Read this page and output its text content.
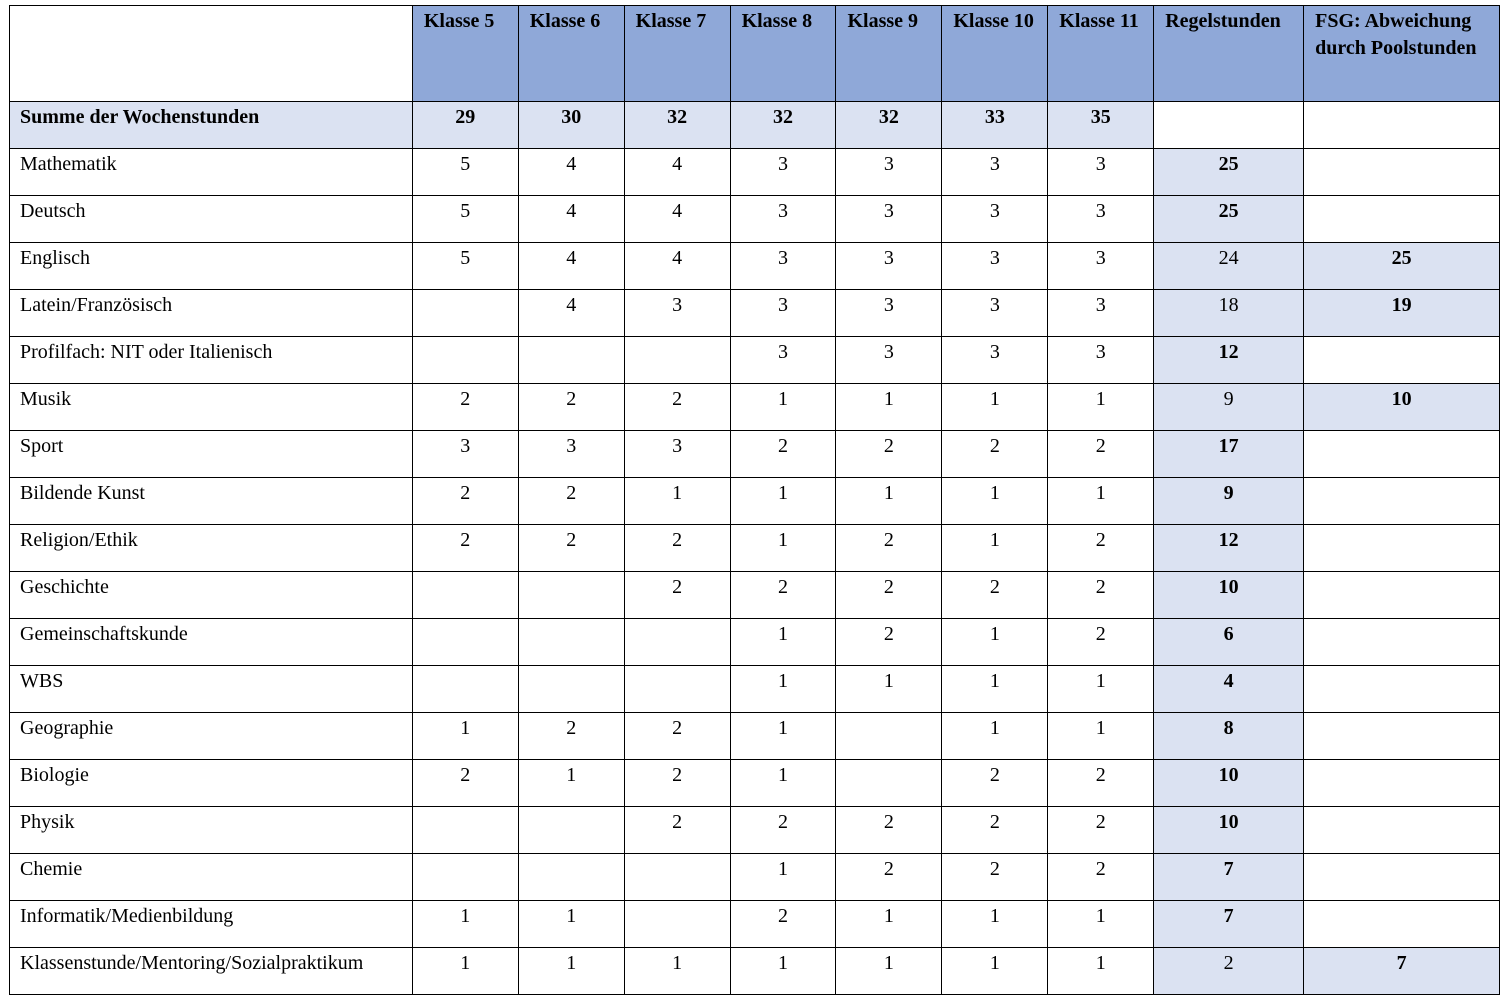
	Klasse 5	Klasse 6	Klasse 7	Klasse 8	Klasse 9	Klasse 10	Klasse 11	Regelstunden	FSG: Abweichung durch Poolstunden
Summe der Wochenstunden	29	30	32	32	32	33	35		
Mathematik	5	4	4	3	3	3	3	25	
Deutsch	5	4	4	3	3	3	3	25	
Englisch	5	4	4	3	3	3	3	24	25
Latein/Französisch		4	3	3	3	3	3	18	19
Profilfach: NIT oder Italienisch				3	3	3	3	12	
Musik	2	2	2	1	1	1	1	9	10
Sport	3	3	3	2	2	2	2	17	
Bildende Kunst	2	2	1	1	1	1	1	9	
Religion/Ethik	2	2	2	1	2	1	2	12	
Geschichte			2	2	2	2	2	10	
Gemeinschaftskunde				1	2	1	2	6	
WBS				1	1	1	1	4	
Geographie	1	2	2	1		1	1	8	
Biologie	2	1	2	1		2	2	10	
Physik			2	2	2	2	2	10	
Chemie				1	2	2	2	7	
Informatik/Medienbildung	1	1		2	1	1	1	7	
Klassenstunde/Mentoring/Sozialpraktikum	1	1	1	1	1	1	1	2	7
